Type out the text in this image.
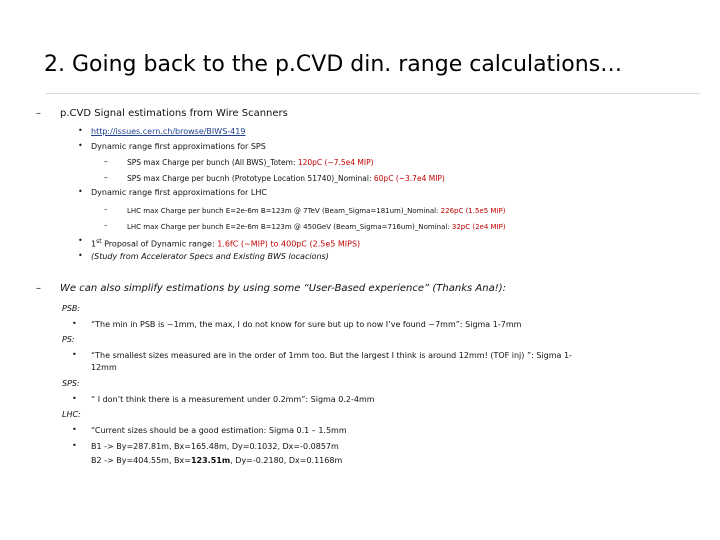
2. Going back to the p.CVD din. range calculations…
– p.CVD Signal estimations from Wire Scanners
• http://issues.cern.ch/browse/BIWS-419
• Dynamic range first approximations for SPS
–	SPS max Charge per bunch (All BWS)_Totem: 120pC (~7.5e4 MIP)
–	SPS max Charge per bucnh (Prototype Location 51740)_Nominal: 60pC (~3.7e4 MIP)
• Dynamic range first approximations for LHC
–	LHC max Charge per bunch E=2e-6m B=123m @ 7TeV (Beam_Sigma=181um)_Nominal: 226pC (1.5e5 MIP)
–	LHC max Charge per bunch E=2e-6m B=123m @ 450GeV (Beam_Sigma=716um)_Nominal: 32pC (2e4 MIP)
• 1st Proposal of Dynamic range: 1.6fC (~MIP) to 400pC (2.5e5 MIPS)
• (Study from Accelerator Specs and Existing BWS locacions)
– We can also simplify estimations by using some “User-Based experience” (Thanks Ana!):
PSB:
• “The min in PSB is ~1mm, the max, I do not know for sure but up to now I’ve found ~7mm”: Sigma 1-7mm
PS:
• “The smallest sizes measured are in the order of 1mm too. But the largest I think is around 12mm! (TOF inj) ”: Sigma 1-
12mm
SPS:
• “ I don’t think there is a measurement under 0.2mm”: Sigma 0.2-4mm
LHC:
• “Current sizes should be a good estimation: Sigma 0.1 – 1.5mm
• B1 -> By=287.81m, Bx=165.48m, Dy=0.1032, Dx=-0.0857m
B2 -> By=404.55m, Bx=123.51m, Dy=-0.2180, Dx=0.1168m
